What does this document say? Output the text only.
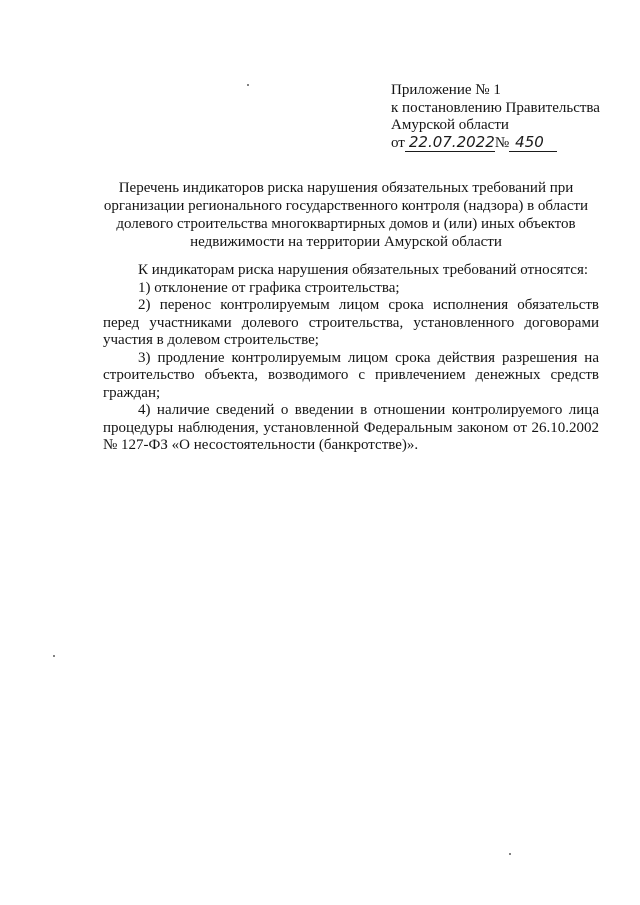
Приложение № 1
к постановлению Правительства
Амурской области
от 22.07.2022№ 450
Перечень индикаторов риска нарушения обязательных требований при
организации регионального государственного контроля (надзора) в области
долевого строительства многоквартирных домов и (или) иных объектов
недвижимости на территории Амурской области

К индикаторам риска нарушения обязательных требований относятся:

1) отклонение от графика строительства;

2) перенос контролируемым лицом срока исполнения обязательств перед участниками долевого строительства, установленного договорами участия в долевом строительстве;

3) продление контролируемым лицом срока действия разрешения на строительство объекта, возводимого с привлечением денежных средств граждан;

4) наличие сведений о введении в отношении контролируемого лица процедуры наблюдения, установленной Федеральным законом от 26.10.2002 № 127-ФЗ «О несостоятельности (банкротстве)».
